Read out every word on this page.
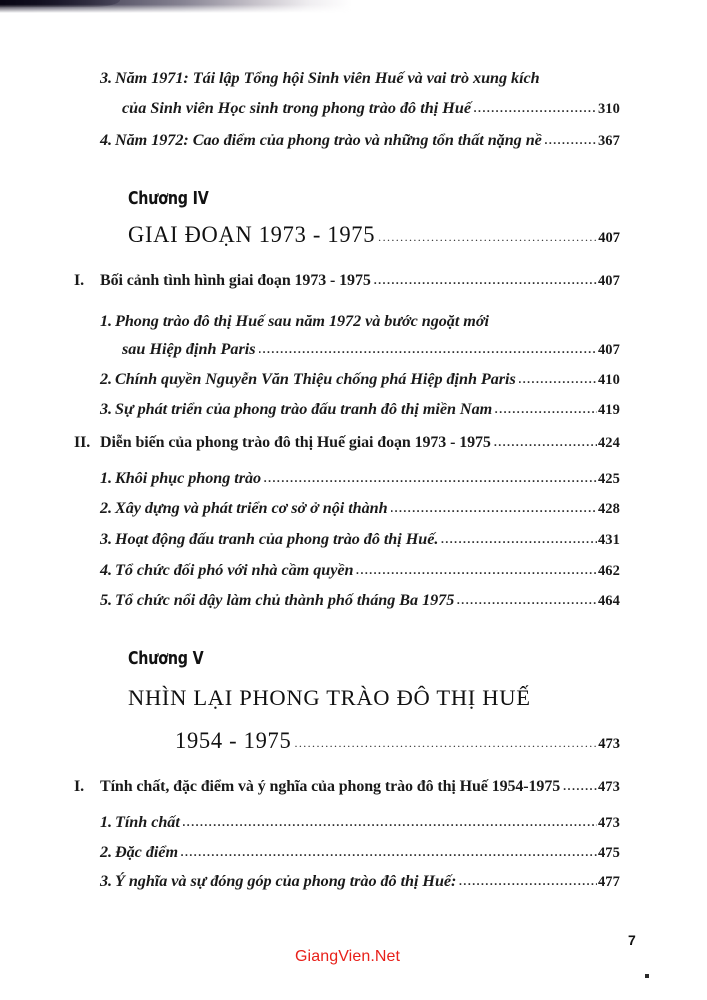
3. Năm 1971: Tái lập Tổng hội Sinh viên Huế và vai trò xung kích
của Sinh viên Học sinh trong phong trào đô thị Huế .....	310
4. Năm 1972: Cao điểm của phong trào và những tổn thất nặng nề .....	367
Chương IV
GIAI ĐOẠN 1973 - 1975 .....	407
I. Bối cảnh tình hình giai đoạn 1973 - 1975 .....	407
1. Phong trào đô thị Huế sau năm 1972 và bước ngoặt mới
sau Hiệp định Paris .....	407
2. Chính quyền Nguyễn Văn Thiệu chống phá Hiệp định Paris .....	410
3. Sự phát triển của phong trào đấu tranh đô thị miền Nam .....	419
II. Diễn biến của phong trào đô thị Huế giai đoạn 1973 - 1975 .....	424
1. Khôi phục phong trào .....	425
2. Xây dựng và phát triển cơ sở ở nội thành .....	428
3. Hoạt động đấu tranh của phong trào đô thị Huế. .....	431
4. Tổ chức đối phó với nhà cầm quyền .....	462
5. Tổ chức nổi dậy làm chủ thành phố tháng Ba 1975 .....	464
Chương V
NHÌN LẠI PHONG TRÀO ĐÔ THỊ HUẾ
1954 - 1975 .....	473
I. Tính chất, đặc điểm và ý nghĩa của phong trào đô thị Huế 1954-1975 .....	473
1. Tính chất .....	473
2. Đặc điểm .....	475
3. Ý nghĩa và sự đóng góp của phong trào đô thị Huế: .....	477
GiangVien.Net
7
